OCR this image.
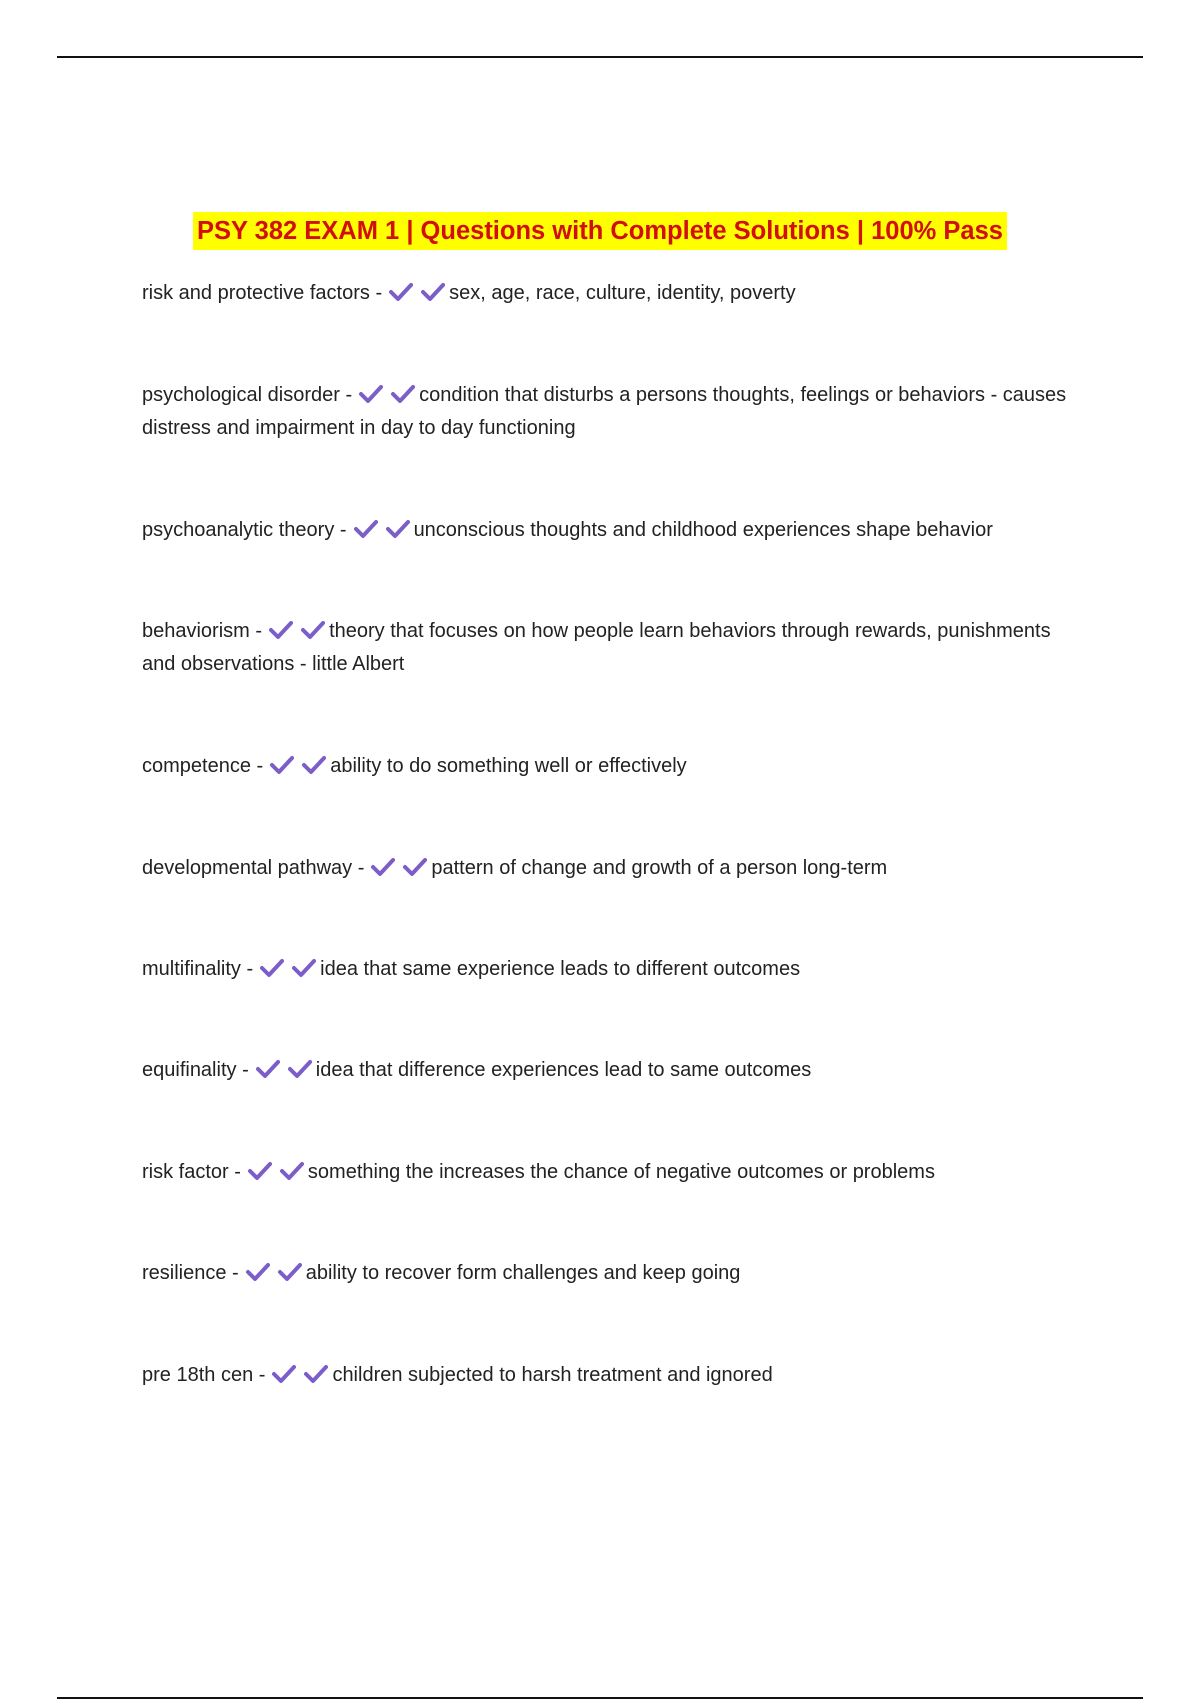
PSY 382 EXAM 1 | Questions with Complete Solutions | 100% Pass
risk and protective factors -	sex, age, race, culture, identity, poverty
psychological disorder -	condition that disturbs a persons thoughts, feelings or behaviors - causes distress and impairment in day to day functioning
psychoanalytic theory -	unconscious thoughts and childhood experiences shape behavior
behaviorism -	theory that focuses on how people learn behaviors through rewards, punishments and observations - little Albert
competence -	ability to do something well or effectively
developmental pathway -	pattern of change and growth of a person long-term
multifinality -	idea that same experience leads to different outcomes
equifinality -	idea that difference experiences lead to same outcomes
risk factor -	something the increases the chance of negative outcomes or problems
resilience -	ability to recover form challenges and keep going
pre 18th cen -	children subjected to harsh treatment and ignored
